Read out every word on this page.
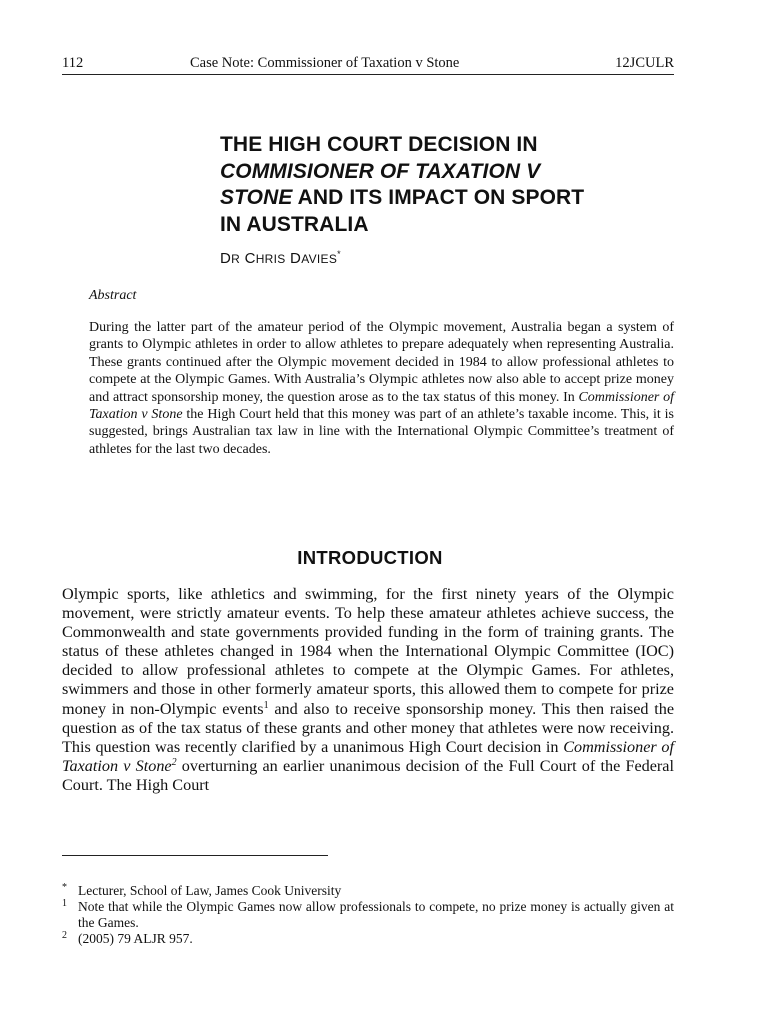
112	Case Note: Commissioner of Taxation v Stone	12JCULR
THE HIGH COURT DECISION IN
COMMISIONER OF TAXATION V
STONE AND ITS IMPACT ON SPORT
IN AUSTRALIA
DR CHRIS DAVIES*
Abstract

During the latter part of the amateur period of the Olympic movement, Australia began a system of grants to Olympic athletes in order to allow athletes to prepare adequately when representing Australia. These grants continued after the Olympic movement decided in 1984 to allow professional athletes to compete at the Olympic Games. With Australia’s Olympic athletes now also able to accept prize money and attract sponsorship money, the question arose as to the tax status of this money. In Commissioner of Taxation v Stone the High Court held that this money was part of an athlete’s taxable income. This, it is suggested, brings Australian tax law in line with the International Olympic Committee’s treatment of athletes for the last two decades.

INTRODUCTION

Olympic sports, like athletics and swimming, for the first ninety years of the Olympic movement, were strictly amateur events. To help these amateur athletes achieve success, the Commonwealth and state governments provided funding in the form of training grants. The status of these athletes changed in 1984 when the International Olympic Committee (IOC) decided to allow professional athletes to compete at the Olympic Games. For athletes, swimmers and those in other formerly amateur sports, this allowed them to compete for prize money in non-Olympic events$^1$ and also to receive sponsorship money. This then raised the question as of the tax status of these grants and other money that athletes were now receiving. This question was recently clarified by a unanimous High Court decision in Commissioner of Taxation v Stone$^2$ overturning an earlier unanimous decision of the Full Court of the Federal Court. The High Court

* Lecturer, School of Law, James Cook University

1 Note that while the Olympic Games now allow professionals to compete, no prize money is actually given at the Games.

2 (2005) 79 ALJR 957.
